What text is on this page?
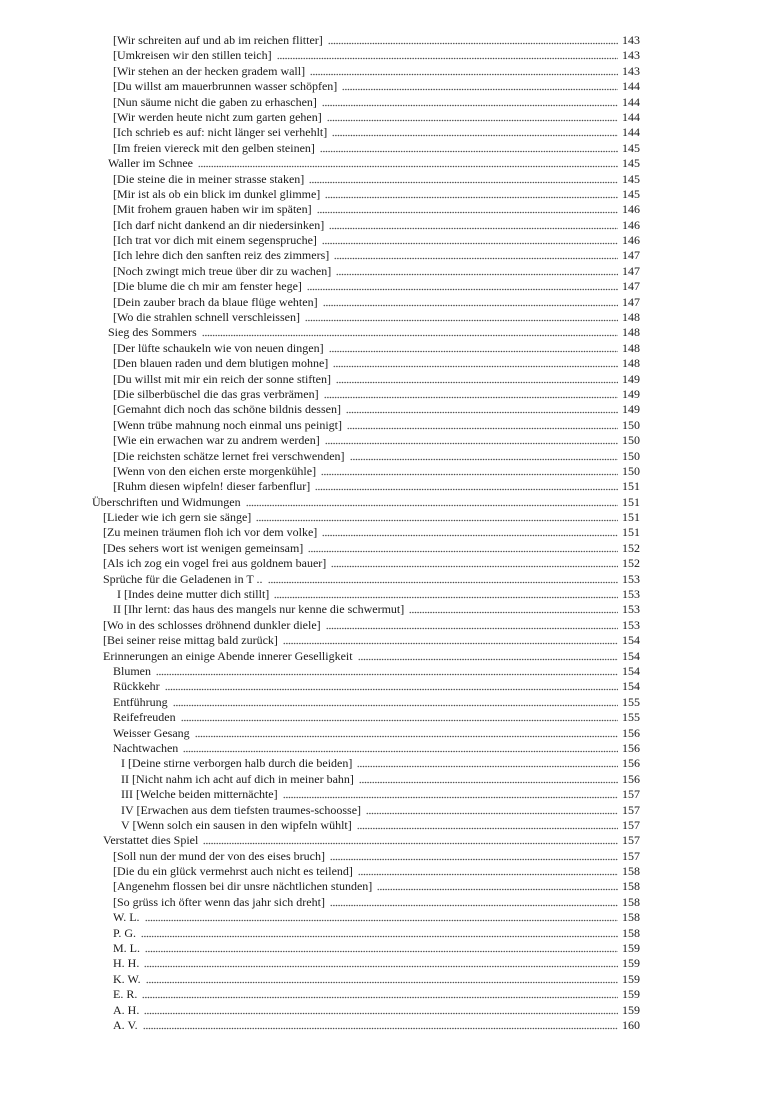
[Wir schreiten auf und ab im reichen flitter]	143
[Umkreisen wir den stillen teich]	143
[Wir stehen an der hecken gradem wall]	143
[Du willst am mauerbrunnen wasser schöpfen]	144
[Nun säume nicht die gaben zu erhaschen]	144
[Wir werden heute nicht zum garten gehen]	144
[Ich schrieb es auf: nicht länger sei verhehlt]	144
[Im freien viereck mit den gelben steinen]	145
Waller im Schnee	145
[Die steine die in meiner strasse staken]	145
[Mir ist als ob ein blick im dunkel glimme]	145
[Mit frohem grauen haben wir im späten]	146
[Ich darf nicht dankend an dir niedersinken]	146
[Ich trat vor dich mit einem segenspruche]	146
[Ich lehre dich den sanften reiz des zimmers]	147
[Noch zwingt mich treue über dir zu wachen]	147
[Die blume die ch mir am fenster hege]	147
[Dein zauber brach da blaue flüge wehten]	147
[Wo die strahlen schnell verschleissen]	148
Sieg des Sommers	148
[Der lüfte schaukeln wie von neuen dingen]	148
[Den blauen raden und dem blutigen mohne]	148
[Du willst mit mir ein reich der sonne stiften]	149
[Die silberbüschel die das gras verbrämen]	149
[Gemahnt dich noch das schöne bildnis dessen]	149
[Wenn trübe mahnung noch einmal uns peinigt]	150
[Wie ein erwachen war zu andrem werden]	150
[Die reichsten schätze lernet frei verschwenden]	150
[Wenn von den eichen erste morgenkühle]	150
[Ruhm diesen wipfeln! dieser farbenflur]	151
Überschriften und Widmungen	151
[Lieder wie ich gern sie sänge]	151
[Zu meinen träumen floh ich vor dem volke]	151
[Des sehers wort ist wenigen gemeinsam]	152
[Als ich zog ein vogel frei aus goldnem bauer]	152
Sprüche für die Geladenen in T ..	153
I [Indes deine mutter dich stillt]	153
II [Ihr lernt: das haus des mangels nur kenne die schwermut]	153
[Wo in des schlosses dröhnend dunkler diele]	153
[Bei seiner reise mittag bald zurück]	154
Erinnerungen an einige Abende innerer Geselligkeit	154
Blumen	154
Rückkehr	154
Entführung	155
Reifefreuden	155
Weisser Gesang	156
Nachtwachen	156
I [Deine stirne verborgen halb durch die beiden]	156
II [Nicht nahm ich acht auf dich in meiner bahn]	156
III [Welche beiden mitternächte]	157
IV [Erwachen aus dem tiefsten traumes-schoosse]	157
V [Wenn solch ein sausen in den wipfeln wühlt]	157
Verstattet dies Spiel	157
[Soll nun der mund der von des eises bruch]	157
[Die du ein glück vermehrst auch nicht es teilend]	158
[Angenehm flossen bei dir unsre nächtlichen stunden]	158
[So grüss ich öfter wenn das jahr sich dreht]	158
W. L.	158
P. G.	158
M. L.	159
H. H.	159
K. W.	159
E. R.	159
A. H.	159
A. V.	160
